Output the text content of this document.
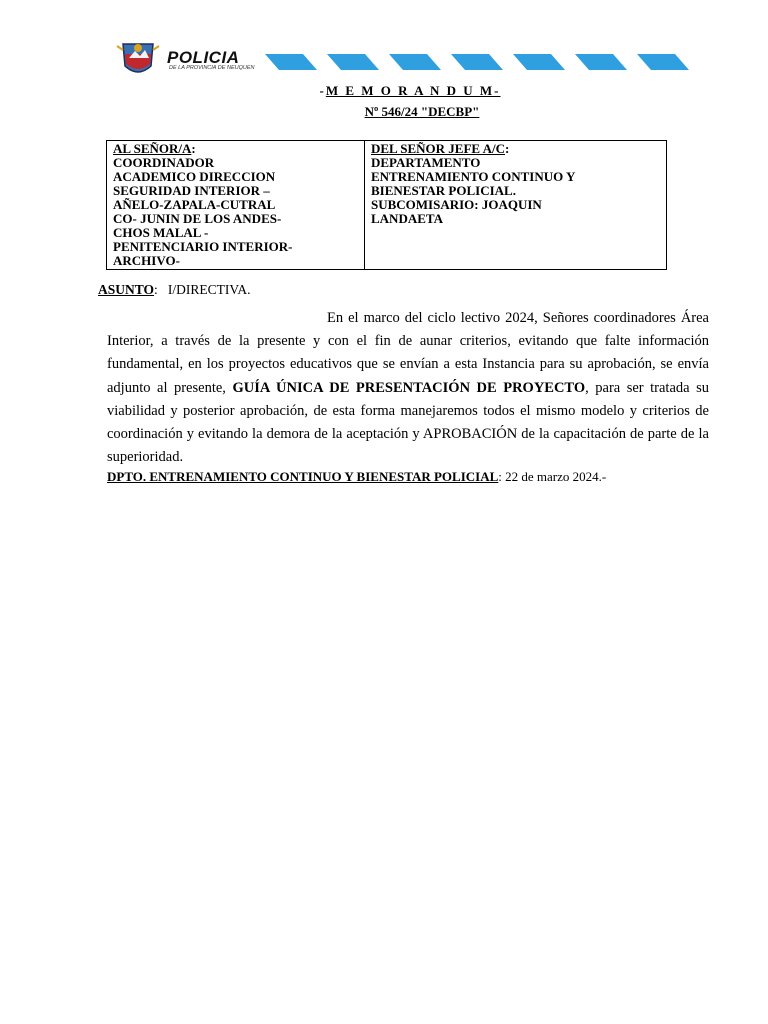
POLICIA
DE LA PROVINCIA DE NEUQUEN
-M E M O R A N D U M-
Nº 546/24 "DECBP"
AL SEÑOR/A:
COORDINADOR
ACADEMICO DIRECCION
SEGURIDAD INTERIOR –
AÑELO-ZAPALA-CUTRAL
CO- JUNIN DE LOS ANDES-
CHOS MALAL -
PENITENCIARIO INTERIOR-
ARCHIVO-

DEL SEÑOR JEFE A/C:
DEPARTAMENTO
ENTRENAMIENTO CONTINUO Y
BIENESTAR POLICIAL.
SUBCOMISARIO: JOAQUIN
LANDAETA
ASUNTO:   I/DIRECTIVA.
En el marco del ciclo lectivo 2024, Señores coordinadores Área Interior, a través de la presente y con el fin de aunar criterios, evitando que falte información fundamental, en los proyectos educativos que se envían a esta Instancia para su aprobación, se envía adjunto al presente, GUÍA ÚNICA DE PRESENTACIÓN DE PROYECTO, para ser tratada su viabilidad y posterior aprobación, de esta forma manejaremos todos el mismo modelo y criterios de coordinación y evitando la demora de la aceptación y APROBACIÓN de la capacitación de parte de la superioridad.
DPTO. ENTRENAMIENTO CONTINUO Y BIENESTAR POLICIAL: 22 de marzo 2024.-
